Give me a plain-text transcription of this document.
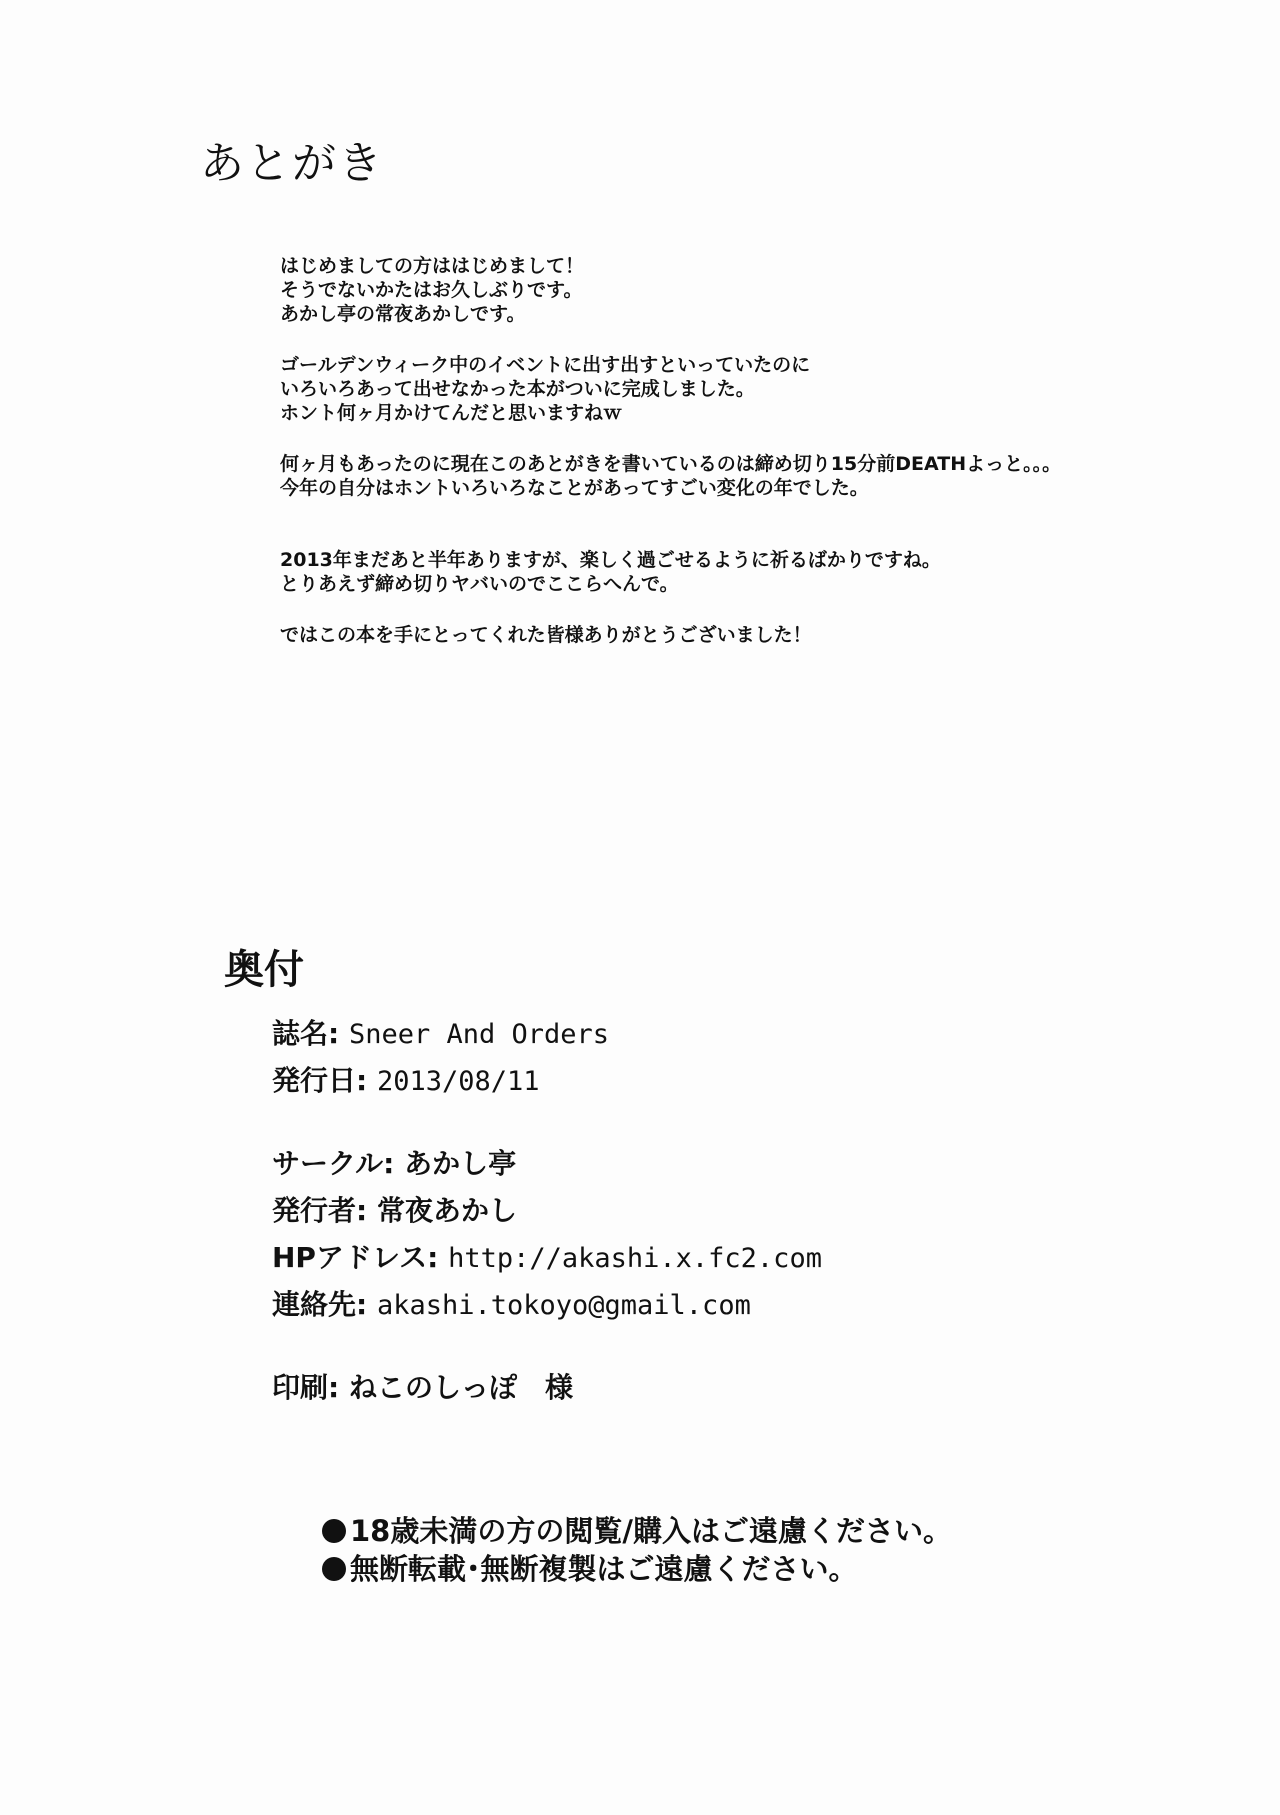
あとがき

はじめましての方ははじめまして！
そうでないかたはお久しぶりです。
あかし亭の常夜あかしです。

ゴールデンウィーク中のイベントに出す出すといっていたのに
いろいろあって出せなかった本がついに完成しました。
ホント何ヶ月かけてんだと思いますねｗ

何ヶ月もあったのに現在このあとがきを書いているのは締め切り15分前DEATHよっと。。。
今年の自分はホントいろいろなことがあってすごい変化の年でした。

2013年まだあと半年ありますが、楽しく過ごせるように祈るばかりですね。
とりあえず締め切りヤバいのでここらへんで。

ではこの本を手にとってくれた皆様ありがとうございました！

奥付
誌名: Sneer And Orders
発行日: 2013/08/11
サークル: あかし亭
発行者: 常夜あかし
HPアドレス: http://akashi.x.fc2.com
連絡先: akashi.tokoyo@gmail.com
印刷: ねこのしっぽ　様
18歳未満の方の閲覧/購入はご遠慮ください。
無断転載･無断複製はご遠慮ください。
